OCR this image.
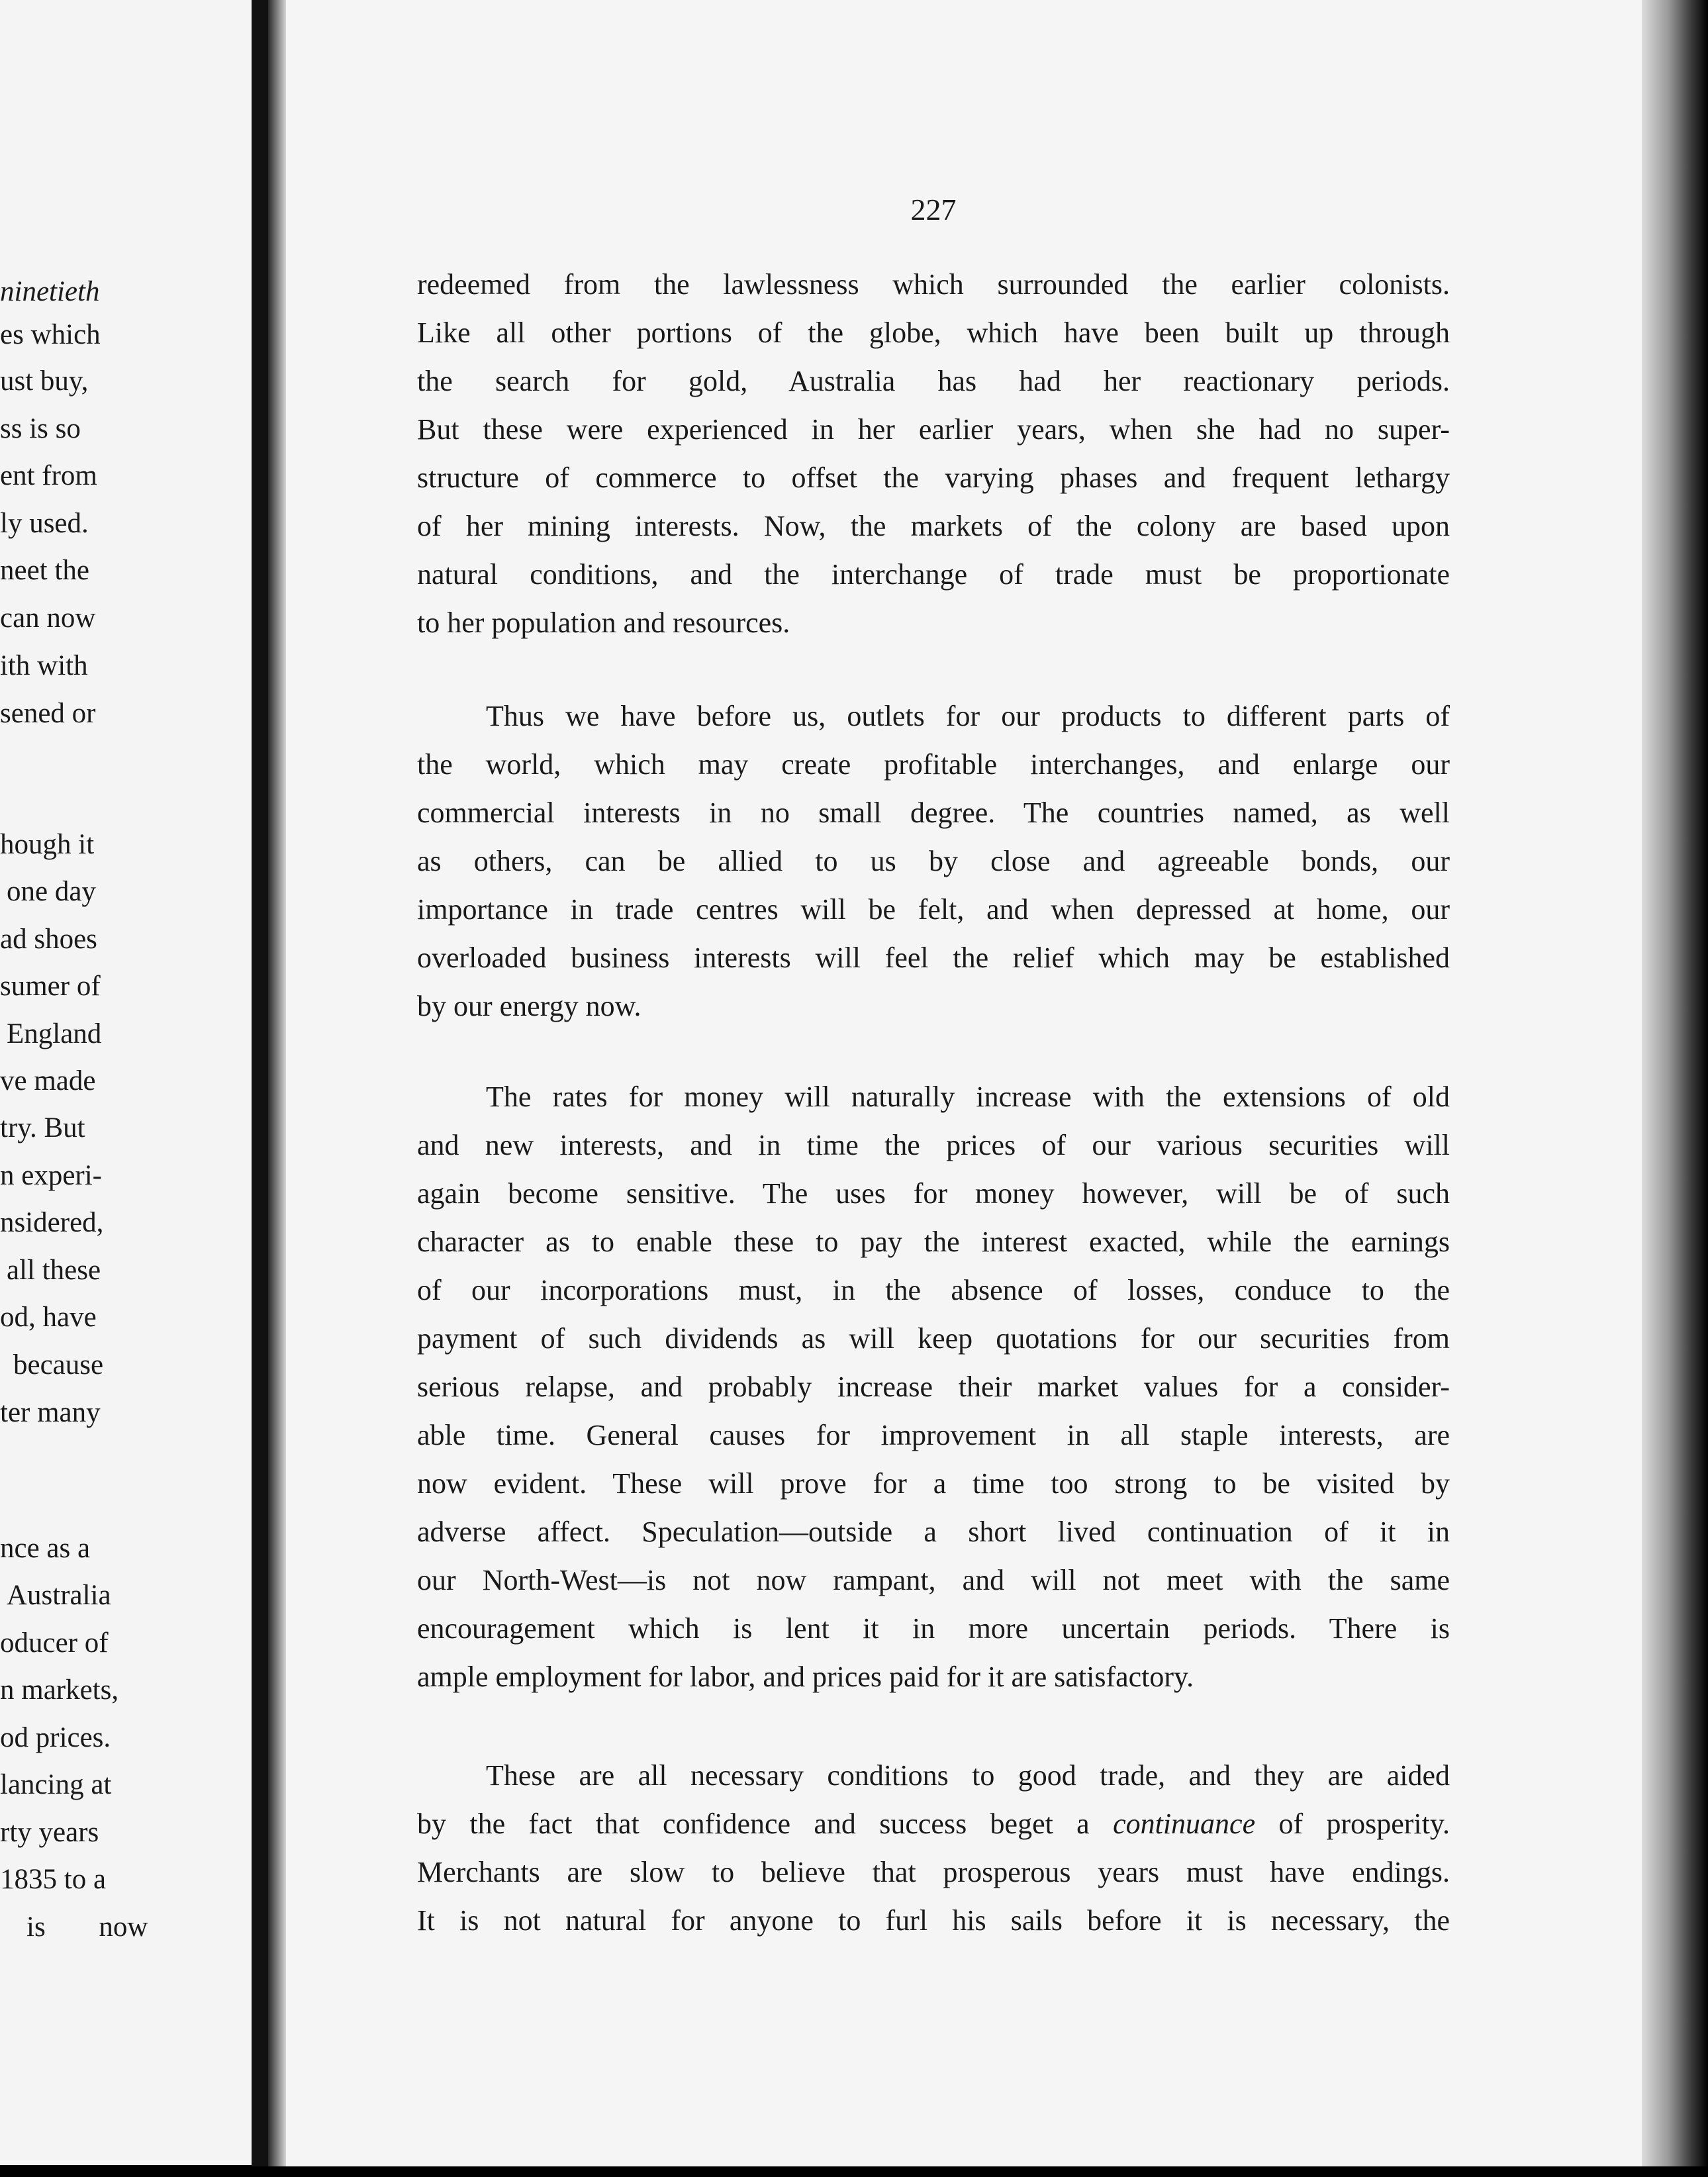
ninetieth
es which
ust buy,
ss is so
ent from
ly used.
neet the
can now
ith with
sened or
hough it
one day
ad shoes
sumer of
England
ve made
try. But
n experi-
nsidered,
all these
od, have
because
ter many
nce as a
Australia
oducer of
n markets,
od prices.
lancing at
rty years
1835 to a
is now
227
redeemed from the lawlessness which surrounded the earlier colonists.
Like all other portions of the globe, which have been built up through
the search for gold, Australia has had her reactionary periods.
But these were experienced in her earlier years, when she had no super-
structure of commerce to offset the varying phases and frequent lethargy
of her mining interests. Now, the markets of the colony are based upon
natural conditions, and the interchange of trade must be proportionate
to her population and resources.
Thus we have before us, outlets for our products to different parts of
the world, which may create profitable interchanges, and enlarge our
commercial interests in no small degree. The countries named, as well
as others, can be allied to us by close and agreeable bonds, our
importance in trade centres will be felt, and when depressed at home, our
overloaded business interests will feel the relief which may be established
by our energy now.
The rates for money will naturally increase with the extensions of old
and new interests, and in time the prices of our various securities will
again become sensitive. The uses for money however, will be of such
character as to enable these to pay the interest exacted, while the earnings
of our incorporations must, in the absence of losses, conduce to the
payment of such dividends as will keep quotations for our securities from
serious relapse, and probably increase their market values for a consider-
able time. General causes for improvement in all staple interests, are
now evident. These will prove for a time too strong to be visited by
adverse affect. Speculation—outside a short lived continuation of it in
our North-West—is not now rampant, and will not meet with the same
encouragement which is lent it in more uncertain periods. There is
ample employment for labor, and prices paid for it are satisfactory.
These are all necessary conditions to good trade, and they are aided
by the fact that confidence and success beget a continuance of prosperity.
Merchants are slow to believe that prosperous years must have endings.
It is not natural for anyone to furl his sails before it is necessary, the
